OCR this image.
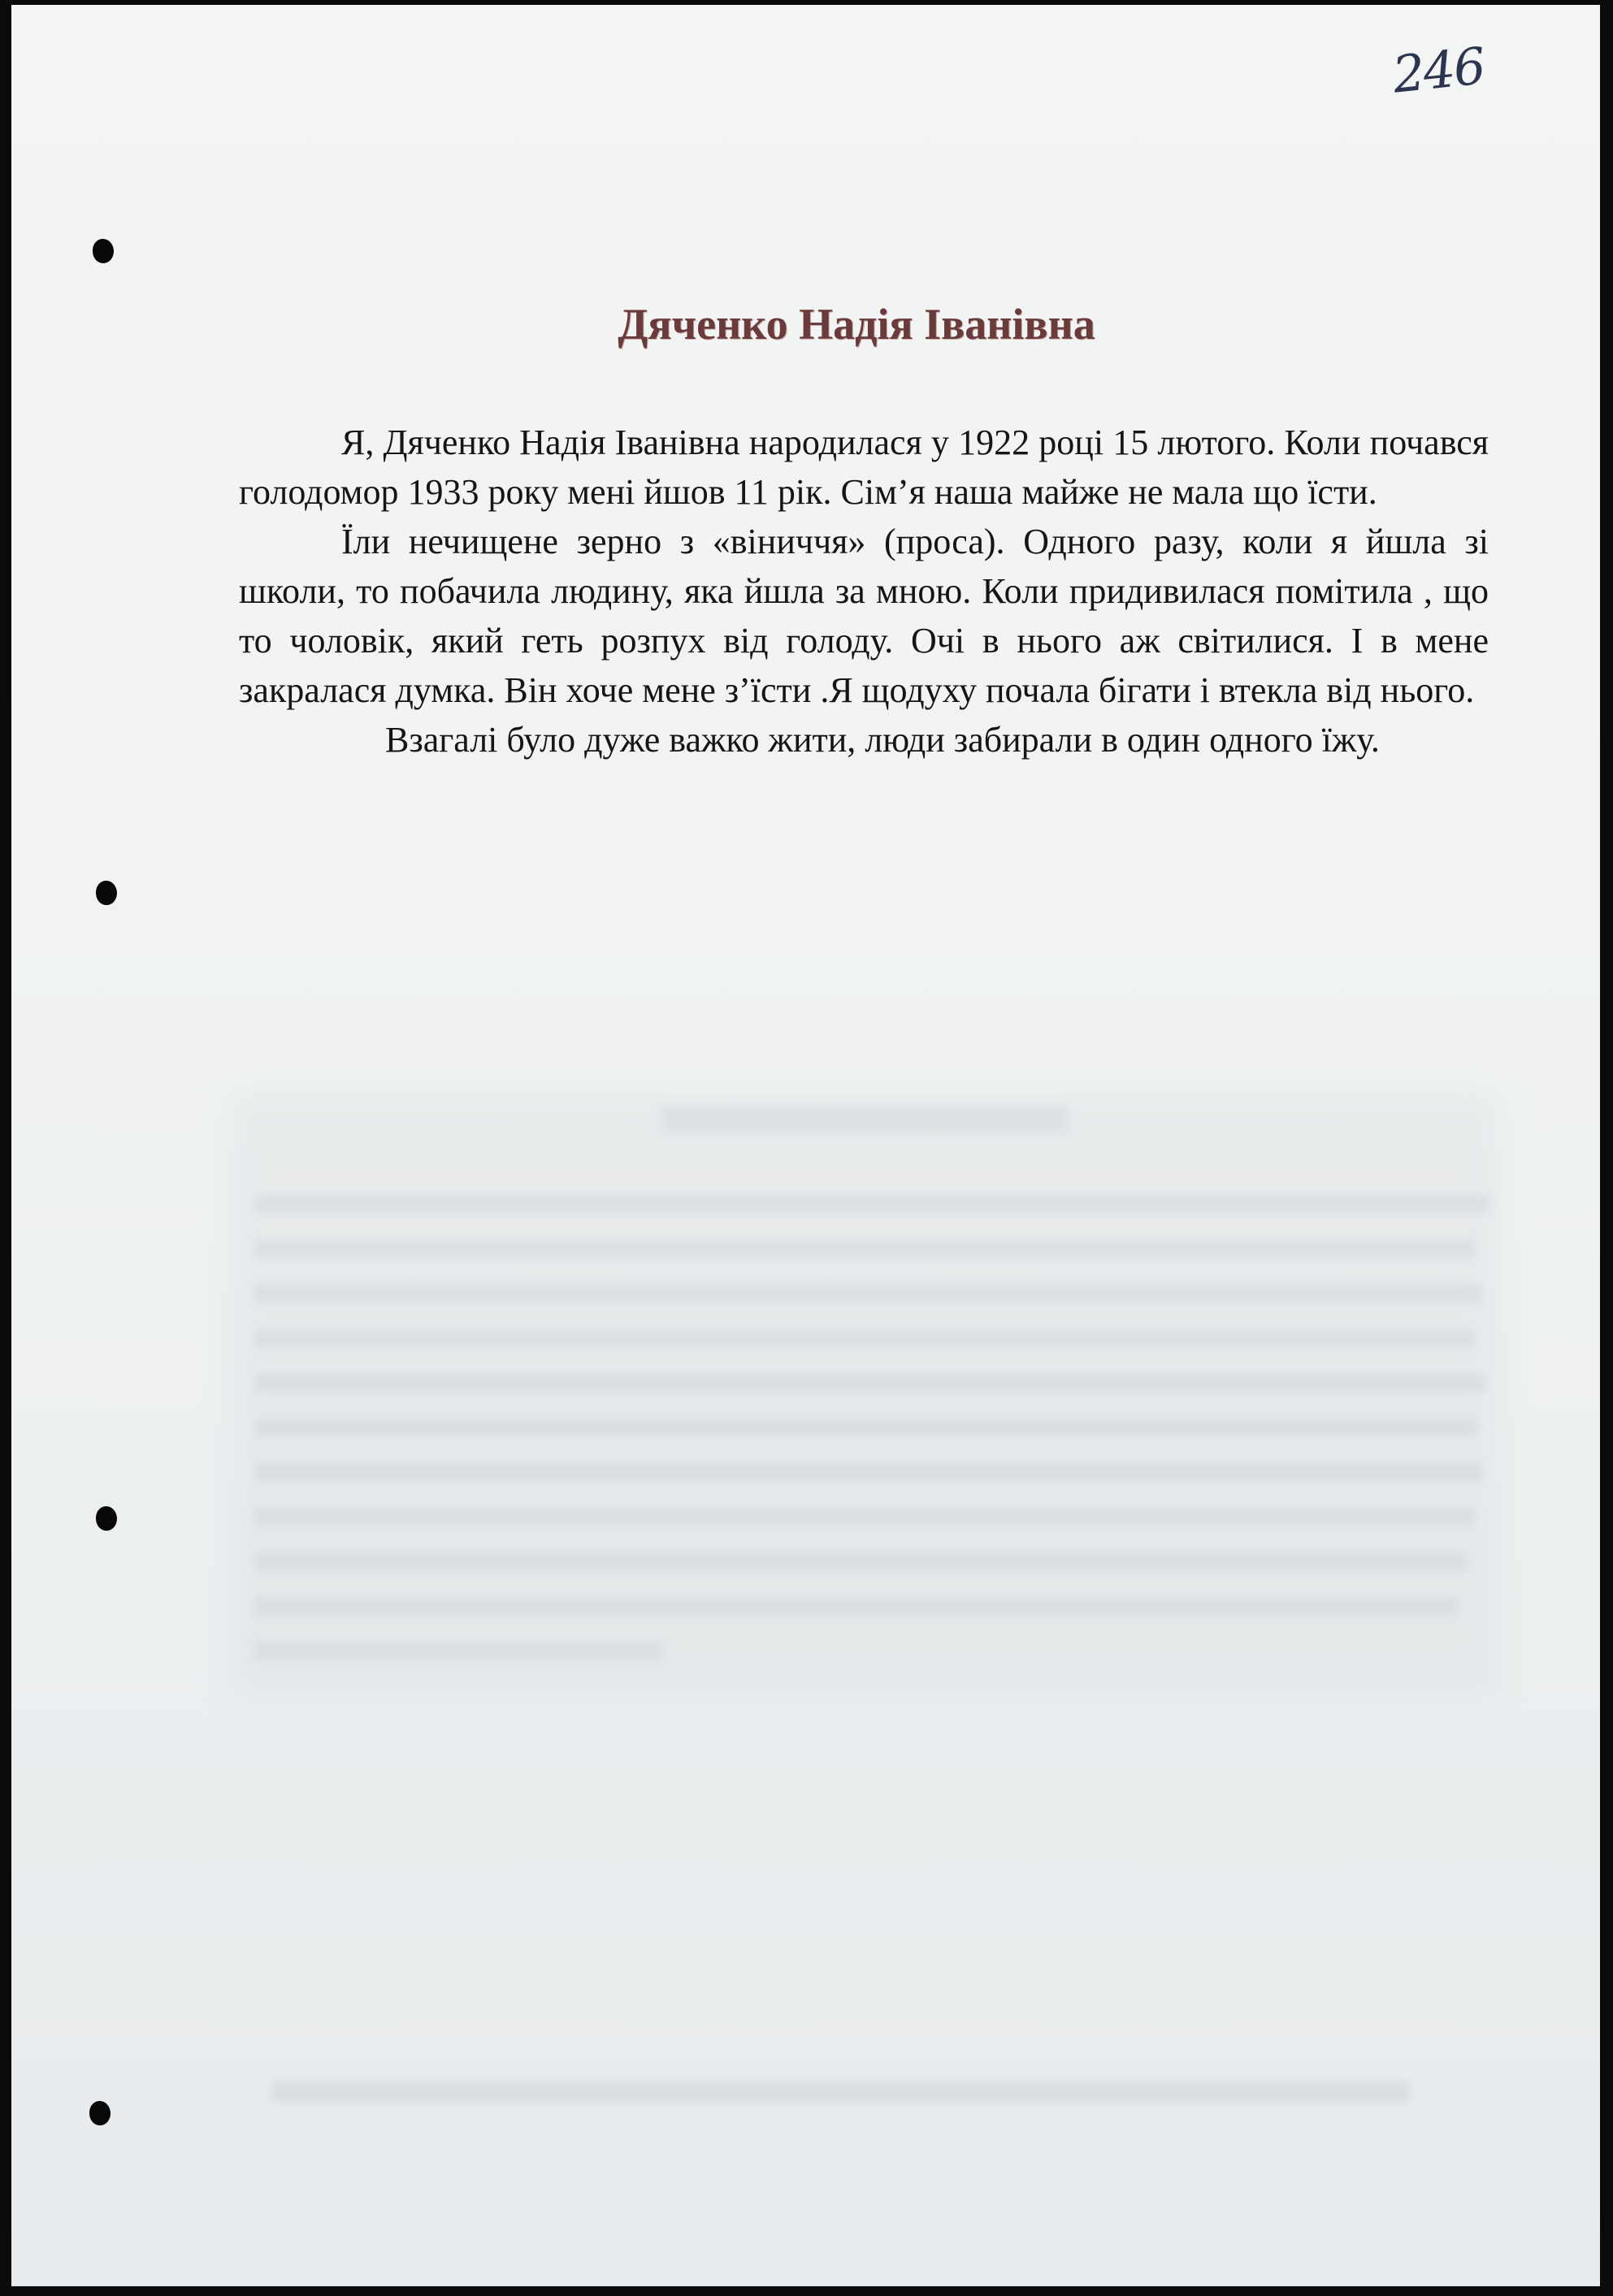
246
Дяченко Надія Іванівна

Я, Дяченко Надія Іванівна народилася у 1922 році 15 лютого. Коли почався голодомор 1933 року мені йшов 11 рік. Сім’я наша майже не мала що їсти.

Їли нечищене зерно з «віниччя» (проса). Одного разу, коли я йшла зі школи, то побачила людину, яка йшла за мною. Коли придивилася помітила , що то чоловік, який геть розпух від голоду. Очі в нього аж світилися. І в мене закралася думка. Він хоче мене з’їсти .Я щодуху почала бігати і втекла від нього.

Взагалі було дуже важко жити, люди забирали в один одного їжу.
